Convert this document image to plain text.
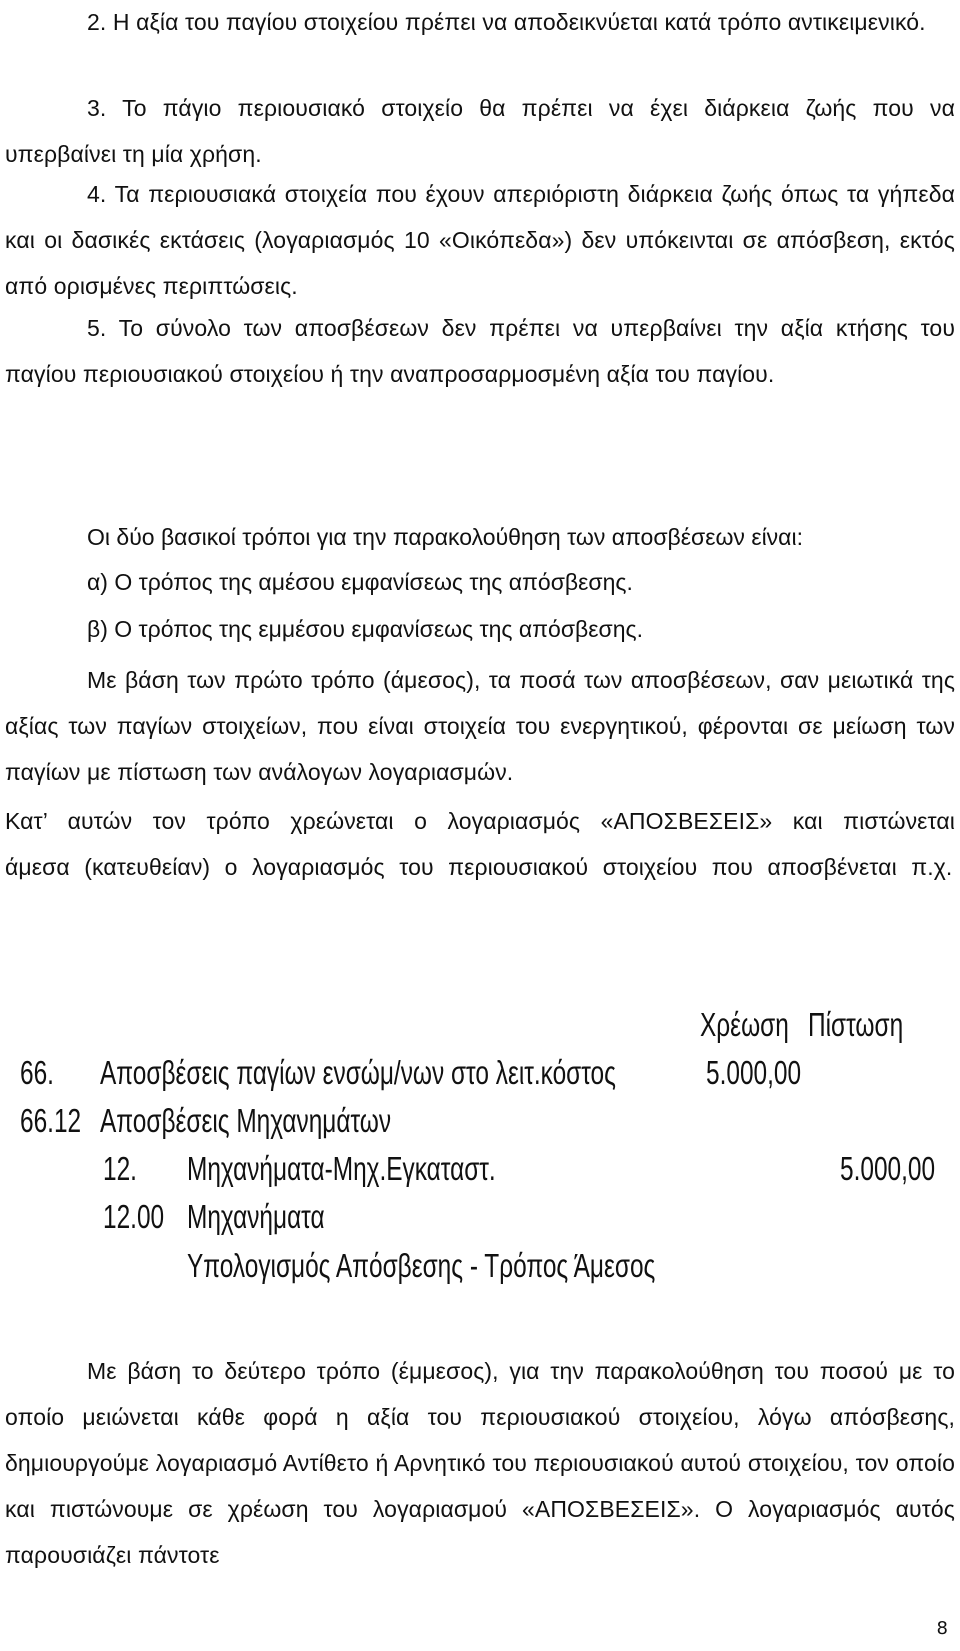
2. Η αξία του παγίου στοιχείου πρέπει να αποδεικνύεται κατά τρόπο αντικειμενικό.

3. Το πάγιο περιουσιακό στοιχείο θα πρέπει να έχει διάρκεια ζωής που να υπερβαίνει τη μία χρήση.

4. Τα περιουσιακά στοιχεία που έχουν απεριόριστη διάρκεια ζωής όπως τα γήπεδα και οι δασικές εκτάσεις (λογαριασμός 10 «Οικόπεδα») δεν υπόκεινται σε απόσβεση, εκτός από ορισμένες περιπτώσεις.

5. Το σύνολο των αποσβέσεων δεν πρέπει να υπερβαίνει την αξία κτήσης του παγίου περιουσιακού στοιχείου ή την αναπροσαρμοσμένη αξία του παγίου.

Οι δύο βασικοί τρόποι για την παρακολούθηση των αποσβέσεων είναι:

α) Ο τρόπος της αμέσου εμφανίσεως της απόσβεσης.

β) Ο τρόπος της εμμέσου εμφανίσεως της απόσβεσης.

Με βάση των πρώτο τρόπο (άμεσος), τα ποσά των αποσβέσεων, σαν μειωτικά της αξίας των παγίων στοιχείων, που είναι στοιχεία του ενεργητικού, φέρονται σε μείωση των παγίων με πίστωση των ανάλογων λογαριασμών.

Κατ’ αυτών τον τρόπο χρεώνεται ο λογαριασμός «ΑΠΟΣΒΕΣΕΙΣ» και πιστώνεται άμεσα (κατευθείαν) ο λογαριασμός του περιουσιακού στοιχείου που αποσβένεται π.χ.

Χρέωση Πίστωση
66. Αποσβέσεις παγίων ενσώμ/νων στο λειτ.κόστος	5.000,00
66.12 Αποσβέσεις Μηχανημάτων
12. Μηχανήματα-Μηχ.Εγκαταστ.	5.000,00
12.00 Μηχανήματα
Υπολογισμός Απόσβεσης - Τρόπος Άμεσος

Με βάση το δεύτερο τρόπο (έμμεσος), για την παρακολούθηση του ποσού με το οποίο μειώνεται κάθε φορά η αξία του περιουσιακού στοιχείου, λόγω απόσβεσης, δημιουργούμε λογαριασμό Αντίθετο ή Αρνητικό του περιουσιακού αυτού στοιχείου, τον οποίο και πιστώνουμε σε χρέωση του λογαριασμού «ΑΠΟΣΒΕΣΕΙΣ». Ο λογαριασμός αυτός παρουσιάζει πάντοτε

8
